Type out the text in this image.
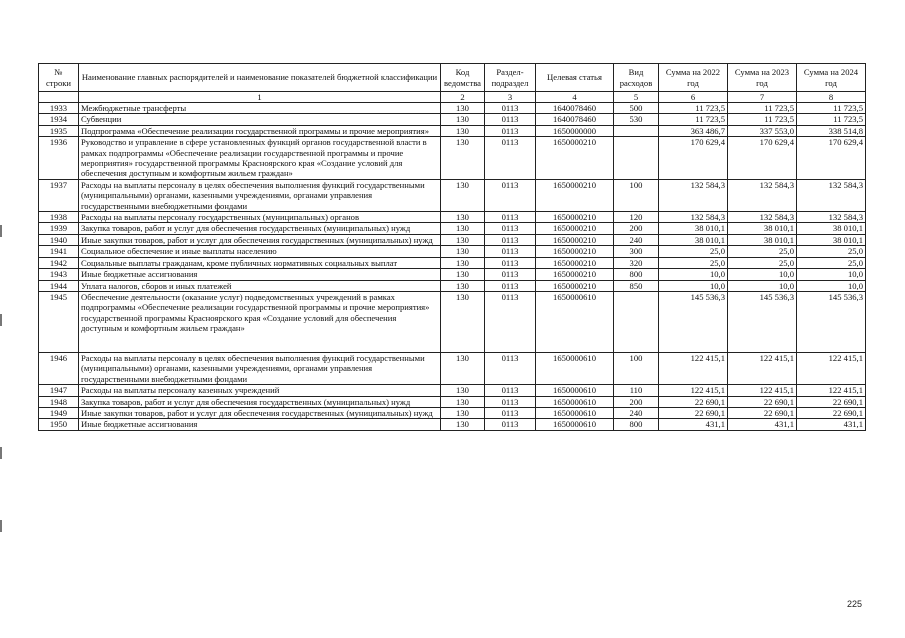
№ строки	Наименование главных распорядителей и наименование показателей бюджетной классификации	Код ведомства	Раздел-подраздел	Целевая статья	Вид расходов	Сумма на 2022 год	Сумма на 2023 год	Сумма на 2024 год
	1	2	3	4	5	6	7	8
1933	Межбюджетные трансферты	130	0113	1640078460	500	11 723,5	11 723,5	11 723,5
1934	Субвенции	130	0113	1640078460	530	11 723,5	11 723,5	11 723,5
1935	Подпрограмма «Обеспечение реализации государственной программы и прочие мероприятия»	130	0113	1650000000		363 486,7	337 553,0	338 514,8
1936	Руководство и управление в сфере установленных функций органов государственной власти в рамках подпрограммы «Обеспечение реализации государственной программы и прочие мероприятия» государственной программы Красноярского края «Создание условий для обеспечения доступным и комфортным жильем граждан»	130	0113	1650000210		170 629,4	170 629,4	170 629,4
1937	Расходы на выплаты персоналу в целях обеспечения выполнения функций государственными (муниципальными) органами, казенными учреждениями, органами управления государственными внебюджетными фондами	130	0113	1650000210	100	132 584,3	132 584,3	132 584,3
1938	Расходы на выплаты персоналу государственных (муниципальных) органов	130	0113	1650000210	120	132 584,3	132 584,3	132 584,3
1939	Закупка товаров, работ и услуг для обеспечения государственных (муниципальных) нужд	130	0113	1650000210	200	38 010,1	38 010,1	38 010,1
1940	Иные закупки товаров, работ и услуг для обеспечения государственных (муниципальных) нужд	130	0113	1650000210	240	38 010,1	38 010,1	38 010,1
1941	Социальное обеспечение и иные выплаты населению	130	0113	1650000210	300	25,0	25,0	25,0
1942	Социальные выплаты гражданам, кроме публичных нормативных социальных выплат	130	0113	1650000210	320	25,0	25,0	25,0
1943	Иные бюджетные ассигнования	130	0113	1650000210	800	10,0	10,0	10,0
1944	Уплата налогов, сборов и иных платежей	130	0113	1650000210	850	10,0	10,0	10,0
1945	Обеспечение деятельности (оказание услуг) подведомственных учреждений в рамках подпрограммы «Обеспечение реализации государственной программы и прочие мероприятия» государственной программы Красноярского края «Создание условий для обеспечения доступным и комфортным жильем граждан»	130	0113	1650000610		145 536,3	145 536,3	145 536,3
1946	Расходы на выплаты персоналу в целях обеспечения выполнения функций государственными (муниципальными) органами, казенными учреждениями, органами управления государственными внебюджетными фондами	130	0113	1650000610	100	122 415,1	122 415,1	122 415,1
1947	Расходы на выплаты персоналу казенных учреждений	130	0113	1650000610	110	122 415,1	122 415,1	122 415,1
1948	Закупка товаров, работ и услуг для обеспечения государственных (муниципальных) нужд	130	0113	1650000610	200	22 690,1	22 690,1	22 690,1
1949	Иные закупки товаров, работ и услуг для обеспечения государственных (муниципальных) нужд	130	0113	1650000610	240	22 690,1	22 690,1	22 690,1
1950	Иные бюджетные ассигнования	130	0113	1650000610	800	431,1	431,1	431,1
225
